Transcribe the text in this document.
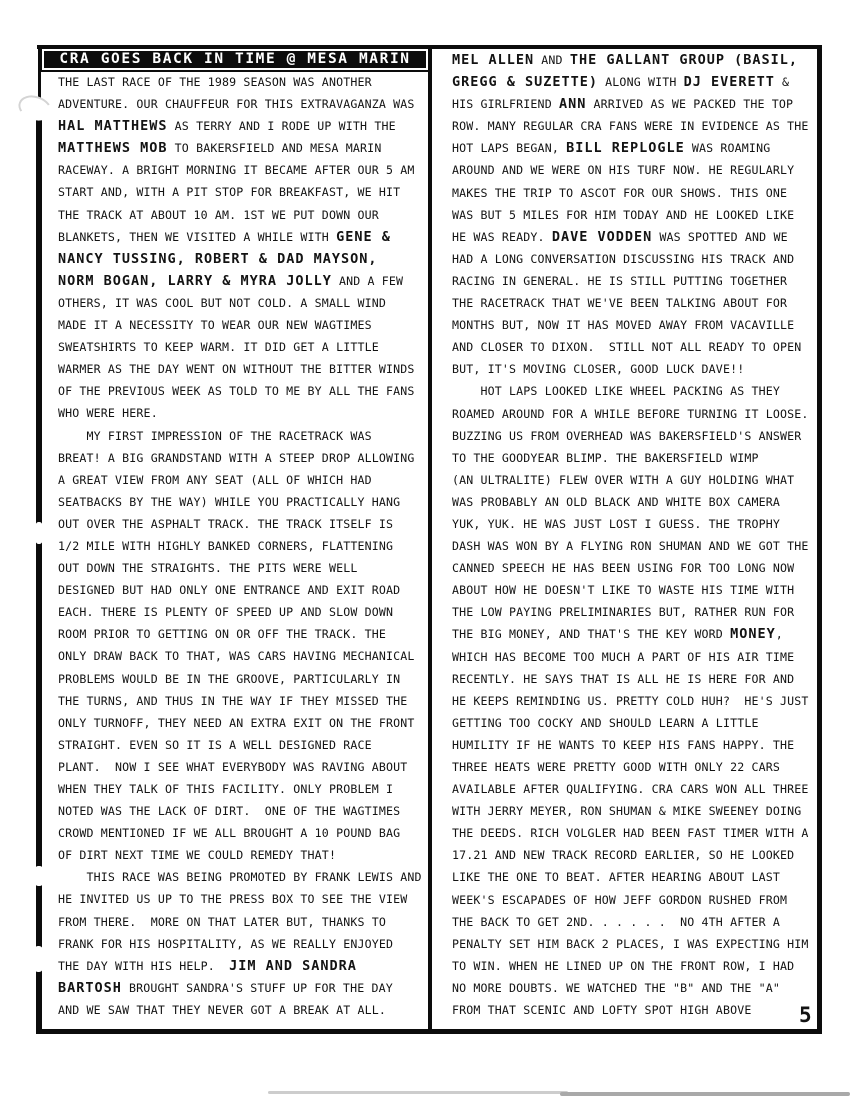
CRA GOES BACK IN TIME @ MESA MARIN
THE LAST RACE OF THE 1989 SEASON WAS ANOTHER
ADVENTURE. OUR CHAUFFEUR FOR THIS EXTRAVAGANZA WAS
HAL MATTHEWS AS TERRY AND I RODE UP WITH THE
MATTHEWS MOB TO BAKERSFIELD AND MESA MARIN
RACEWAY. A BRIGHT MORNING IT BECAME AFTER OUR 5 AM
START AND, WITH A PIT STOP FOR BREAKFAST, WE HIT
THE TRACK AT ABOUT 10 AM. 1ST WE PUT DOWN OUR
BLANKETS, THEN WE VISITED A WHILE WITH GENE &
NANCY TUSSING, ROBERT & DAD MAYSON,
NORM BOGAN, LARRY & MYRA JOLLY AND A FEW
OTHERS, IT WAS COOL BUT NOT COLD. A SMALL WIND
MADE IT A NECESSITY TO WEAR OUR NEW WAGTIMES
SWEATSHIRTS TO KEEP WARM. IT DID GET A LITTLE
WARMER AS THE DAY WENT ON WITHOUT THE BITTER WINDS
OF THE PREVIOUS WEEK AS TOLD TO ME BY ALL THE FANS
WHO WERE HERE.
MY FIRST IMPRESSION OF THE RACETRACK WAS
BREAT! A BIG GRANDSTAND WITH A STEEP DROP ALLOWING
A GREAT VIEW FROM ANY SEAT (ALL OF WHICH HAD
SEATBACKS BY THE WAY) WHILE YOU PRACTICALLY HANG
OUT OVER THE ASPHALT TRACK. THE TRACK ITSELF IS
1/2 MILE WITH HIGHLY BANKED CORNERS, FLATTENING
OUT DOWN THE STRAIGHTS. THE PITS WERE WELL
DESIGNED BUT HAD ONLY ONE ENTRANCE AND EXIT ROAD
EACH. THERE IS PLENTY OF SPEED UP AND SLOW DOWN
ROOM PRIOR TO GETTING ON OR OFF THE TRACK. THE
ONLY DRAW BACK TO THAT, WAS CARS HAVING MECHANICAL
PROBLEMS WOULD BE IN THE GROOVE, PARTICULARLY IN
THE TURNS, AND THUS IN THE WAY IF THEY MISSED THE
ONLY TURNOFF, THEY NEED AN EXTRA EXIT ON THE FRONT
STRAIGHT. EVEN SO IT IS A WELL DESIGNED RACE
PLANT.  NOW I SEE WHAT EVERYBODY WAS RAVING ABOUT
WHEN THEY TALK OF THIS FACILITY. ONLY PROBLEM I
NOTED WAS THE LACK OF DIRT.  ONE OF THE WAGTIMES
CROWD MENTIONED IF WE ALL BROUGHT A 10 POUND BAG
OF DIRT NEXT TIME WE COULD REMEDY THAT!
THIS RACE WAS BEING PROMOTED BY FRANK LEWIS AND
HE INVITED US UP TO THE PRESS BOX TO SEE THE VIEW
FROM THERE.  MORE ON THAT LATER BUT, THANKS TO
FRANK FOR HIS HOSPITALITY, AS WE REALLY ENJOYED
THE DAY WITH HIS HELP.  JIM AND SANDRA
BARTOSH BROUGHT SANDRA'S STUFF UP FOR THE DAY
AND WE SAW THAT THEY NEVER GOT A BREAK AT ALL.
MEL ALLEN AND THE GALLANT GROUP (BASIL,
GREGG & SUZETTE) ALONG WITH DJ EVERETT &
HIS GIRLFRIEND ANN ARRIVED AS WE PACKED THE TOP
ROW. MANY REGULAR CRA FANS WERE IN EVIDENCE AS THE
HOT LAPS BEGAN, BILL REPLOGLE WAS ROAMING
AROUND AND WE WERE ON HIS TURF NOW. HE REGULARLY
MAKES THE TRIP TO ASCOT FOR OUR SHOWS. THIS ONE
WAS BUT 5 MILES FOR HIM TODAY AND HE LOOKED LIKE
HE WAS READY. DAVE VODDEN WAS SPOTTED AND WE
HAD A LONG CONVERSATION DISCUSSING HIS TRACK AND
RACING IN GENERAL. HE IS STILL PUTTING TOGETHER
THE RACETRACK THAT WE'VE BEEN TALKING ABOUT FOR
MONTHS BUT, NOW IT HAS MOVED AWAY FROM VACAVILLE
AND CLOSER TO DIXON.  STILL NOT ALL READY TO OPEN
BUT, IT'S MOVING CLOSER, GOOD LUCK DAVE!!
HOT LAPS LOOKED LIKE WHEEL PACKING AS THEY
ROAMED AROUND FOR A WHILE BEFORE TURNING IT LOOSE.
BUZZING US FROM OVERHEAD WAS BAKERSFIELD'S ANSWER
TO THE GOODYEAR BLIMP. THE BAKERSFIELD WIMP
(AN ULTRALITE) FLEW OVER WITH A GUY HOLDING WHAT
WAS PROBABLY AN OLD BLACK AND WHITE BOX CAMERA
YUK, YUK. HE WAS JUST LOST I GUESS. THE TROPHY
DASH WAS WON BY A FLYING RON SHUMAN AND WE GOT THE
CANNED SPEECH HE HAS BEEN USING FOR TOO LONG NOW
ABOUT HOW HE DOESN'T LIKE TO WASTE HIS TIME WITH
THE LOW PAYING PRELIMINARIES BUT, RATHER RUN FOR
THE BIG MONEY, AND THAT'S THE KEY WORD MONEY,
WHICH HAS BECOME TOO MUCH A PART OF HIS AIR TIME
RECENTLY. HE SAYS THAT IS ALL HE IS HERE FOR AND
HE KEEPS REMINDING US. PRETTY COLD HUH?  HE'S JUST
GETTING TOO COCKY AND SHOULD LEARN A LITTLE
HUMILITY IF HE WANTS TO KEEP HIS FANS HAPPY. THE
THREE HEATS WERE PRETTY GOOD WITH ONLY 22 CARS
AVAILABLE AFTER QUALIFYING. CRA CARS WON ALL THREE
WITH JERRY MEYER, RON SHUMAN & MIKE SWEENEY DOING
THE DEEDS. RICH VOLGLER HAD BEEN FAST TIMER WITH A
17.21 AND NEW TRACK RECORD EARLIER, SO HE LOOKED
LIKE THE ONE TO BEAT. AFTER HEARING ABOUT LAST
WEEK'S ESCAPADES OF HOW JEFF GORDON RUSHED FROM
THE BACK TO GET 2ND. . . . . .  NO 4TH AFTER A
PENALTY SET HIM BACK 2 PLACES, I WAS EXPECTING HIM
TO WIN. WHEN HE LINED UP ON THE FRONT ROW, I HAD
NO MORE DOUBTS. WE WATCHED THE "B" AND THE "A"
FROM THAT SCENIC AND LOFTY SPOT HIGH ABOVE	5
